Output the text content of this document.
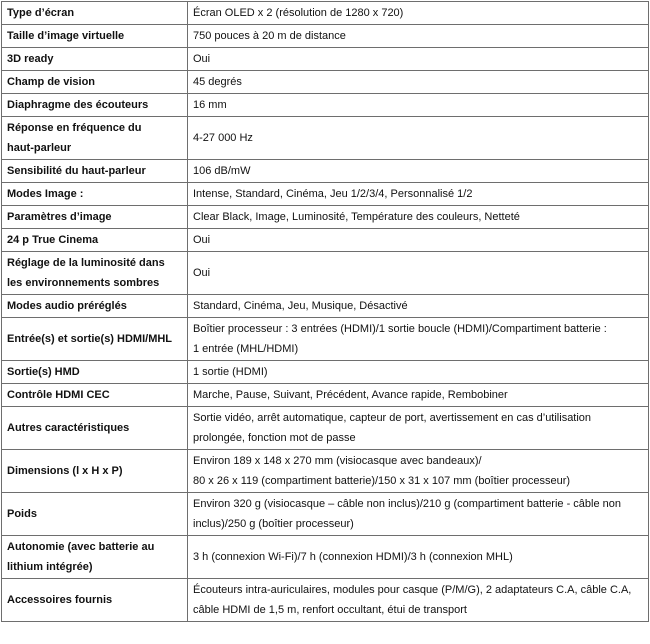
Type d’écran	Écran OLED x 2 (résolution de 1280 x 720)
Taille d’image virtuelle	750 pouces à 20 m de distance
3D ready	Oui
Champ de vision	45 degrés
Diaphragme des écouteurs	16 mm
Réponse en fréquence du
haut-parleur	4-27 000 Hz
Sensibilité du haut-parleur	106 dB/mW
Modes Image :	Intense, Standard, Cinéma, Jeu 1/2/3/4, Personnalisé 1/2
Paramètres d’image	Clear Black, Image, Luminosité, Température des couleurs, Netteté
24 p True Cinema	Oui
Réglage de la luminosité dans
les environnements sombres	Oui
Modes audio préréglés	Standard, Cinéma, Jeu, Musique, Désactivé
Entrée(s) et sortie(s) HDMI/MHL	Boîtier processeur : 3 entrées (HDMI)/1 sortie boucle (HDMI)/Compartiment batterie :
1 entrée (MHL/HDMI)
Sortie(s) HMD	1 sortie (HDMI)
Contrôle HDMI CEC	Marche, Pause, Suivant, Précédent, Avance rapide, Rembobiner
Autres caractéristiques	Sortie vidéo, arrêt automatique, capteur de port, avertissement en cas d’utilisation
prolongée, fonction mot de passe
Dimensions (l x H x P)	Environ 189 x 148 x 270 mm (visiocasque avec bandeaux)/
80 x 26 x 119 (compartiment batterie)/150 x 31 x 107 mm (boîtier processeur)
Poids	Environ 320 g (visiocasque – câble non inclus)/210 g (compartiment batterie - câble non
inclus)/250 g (boîtier processeur)
Autonomie (avec batterie au
lithium intégrée)	3 h (connexion Wi-Fi)/7 h (connexion HDMI)/3 h (connexion MHL)
Accessoires fournis	Écouteurs intra-auriculaires, modules pour casque (P/M/G), 2 adaptateurs C.A, câble C.A,
câble HDMI de 1,5 m, renfort occultant, étui de transport
